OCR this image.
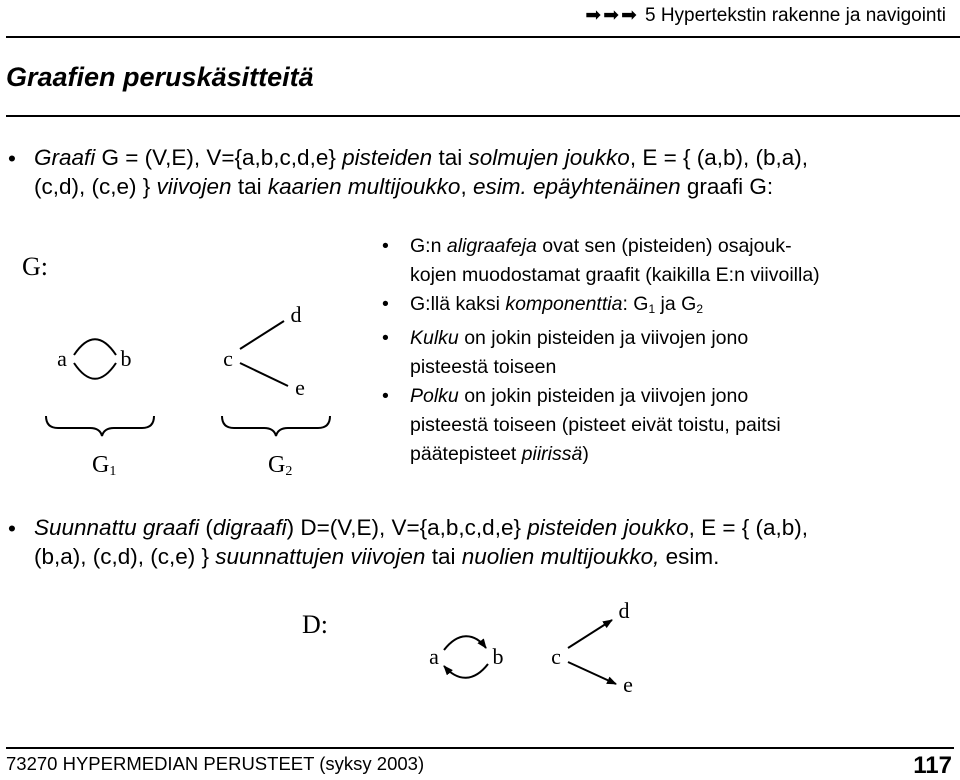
➡➡➡ 5 Hypertekstin rakenne ja navigointi
Graafien peruskäsitteitä
• Graafi G = (V,E), V={a,b,c,d,e} pisteiden tai solmujen joukko, E = { (a,b), (b,a),
(c,d), (c,e) } viivojen tai kaarien multijoukko, esim. epäyhtenäinen graafi G:
G:
a b	c
d
e
G1	G2
• G:n aligraafeja ovat sen (pisteiden) osajouk-
kojen muodostamat graafit (kaikilla E:n viivoilla)
• G:llä kaksi komponenttia: G1 ja G2
• Kulku on jokin pisteiden ja viivojen jono
pisteestä toiseen
• Polku on jokin pisteiden ja viivojen jono
pisteestä toiseen (pisteet eivät toistu, paitsi
päätepisteet piirissä)
• Suunnattu graafi (digraafi) D=(V,E), V={a,b,c,d,e} pisteiden joukko, E = { (a,b),
(b,a), (c,d), (c,e) } suunnattujen viivojen tai nuolien multijoukko, esim.
D:
a b c
d
e
73270 HYPERMEDIAN PERUSTEET (syksy 2003)	117
